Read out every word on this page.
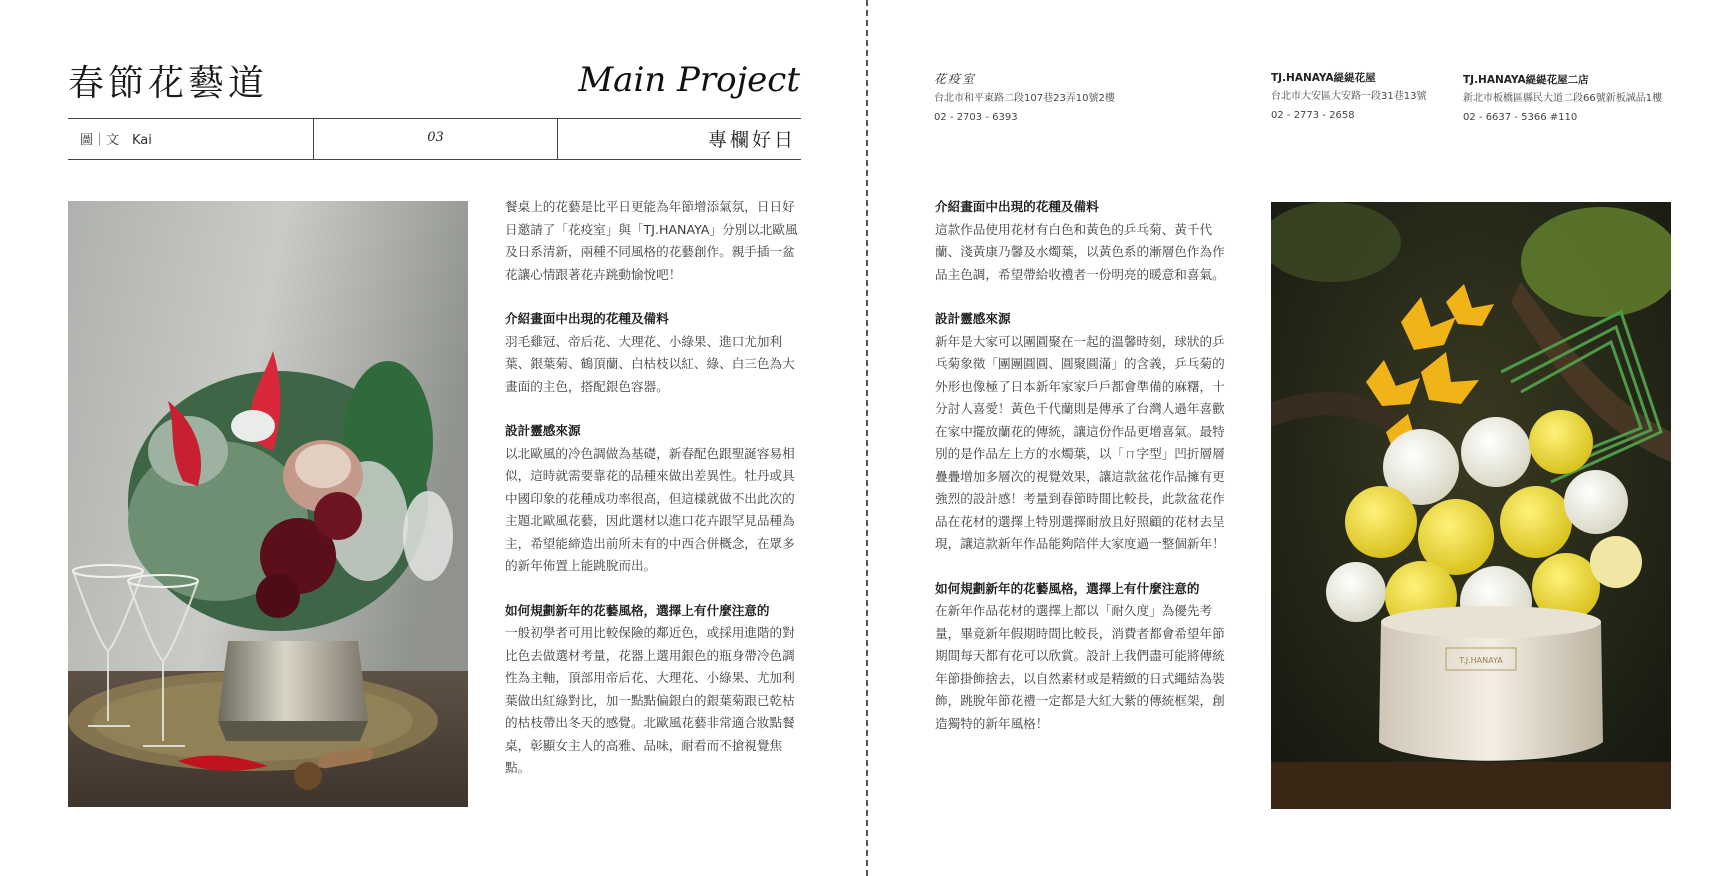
春節花藝道	Main Project
圖｜文　Kai	03	專欄好日

餐桌上的花藝是比平日更能為年節增添氣氛，日日好日邀請了「花疫室」與「TJ.HANAYA」分別以北歐風及日系清新，兩種不同風格的花藝創作。親手插一盆花讓心情跟著花卉跳動愉悅吧！

介紹畫面中出現的花種及備料

羽毛雞冠、帝后花、大理花、小綠果、進口尤加利葉、銀葉菊、鶴頂蘭、白枯枝以紅、綠、白三色為大畫面的主色，搭配銀色容器。

設計靈感來源

以北歐風的冷色調做為基礎，新春配色跟聖誕容易相似，這時就需要靠花的品種來做出差異性。牡丹或具中國印象的花種成功率很高，但這樣就做不出此次的主題北歐風花藝，因此選材以進口花卉跟罕見品種為主，希望能締造出前所未有的中西合併概念，在眾多的新年佈置上能跳脫而出。

如何規劃新年的花藝風格，選擇上有什麼注意的

一般初學者可用比較保險的鄰近色，或採用進階的對比色去做選材考量，花器上選用銀色的瓶身帶冷色調性為主軸，頂部用帝后花、大理花、小綠果、尤加利葉做出紅綠對比，加一點點偏銀白的銀葉菊跟已乾枯的枯枝帶出冬天的感覺。北歐風花藝非常適合妝點餐桌，彰顯女主人的高雅、品味，耐看而不搶視覺焦點。

花疫室
台北市和平東路二段107巷23弄10號2樓
02 - 2703 - 6393
TJ.HANAYA緹緹花屋
台北市大安區大安路一段31巷13號
02 - 2773 - 2658
TJ.HANAYA緹緹花屋二店
新北市板橋區縣民大道二段66號新板誠品1樓
02 - 6637 - 5366 #110
介紹畫面中出現的花種及備料

這款作品使用花材有白色和黃色的乒乓菊、黃千代蘭、淺黃康乃馨及水燭葉，以黃色系的漸層色作為作品主色調，希望帶給收禮者一份明亮的暖意和喜氣。

設計靈感來源

新年是大家可以團圓聚在一起的溫馨時刻，球狀的乒乓菊象徵「團團圓圓、圓聚圓滿」的含義，乒乓菊的外形也像極了日本新年家家戶戶都會準備的麻糬，十分討人喜愛！黃色千代蘭則是傳承了台灣人過年喜歡在家中擺放蘭花的傳統，讓這份作品更增喜氣。最特別的是作品左上方的水燭葉，以「ㄇ字型」凹折層層疊疊增加多層次的視覺效果，讓這款盆花作品擁有更強烈的設計感！考量到春節時間比較長，此款盆花作品在花材的選擇上特別選擇耐放且好照顧的花材去呈現，讓這款新年作品能夠陪伴大家度過一整個新年！

如何規劃新年的花藝風格，選擇上有什麼注意的

在新年作品花材的選擇上都以「耐久度」為優先考量，畢竟新年假期時間比較長，消費者都會希望年節期間每天都有花可以欣賞。設計上我們盡可能將傳統年節掛飾捨去，以自然素材或是精緻的日式繩結為裝飾，跳脫年節花禮一定都是大紅大紫的傳統框架，創造獨特的新年風格！

T.J.HANAYA
